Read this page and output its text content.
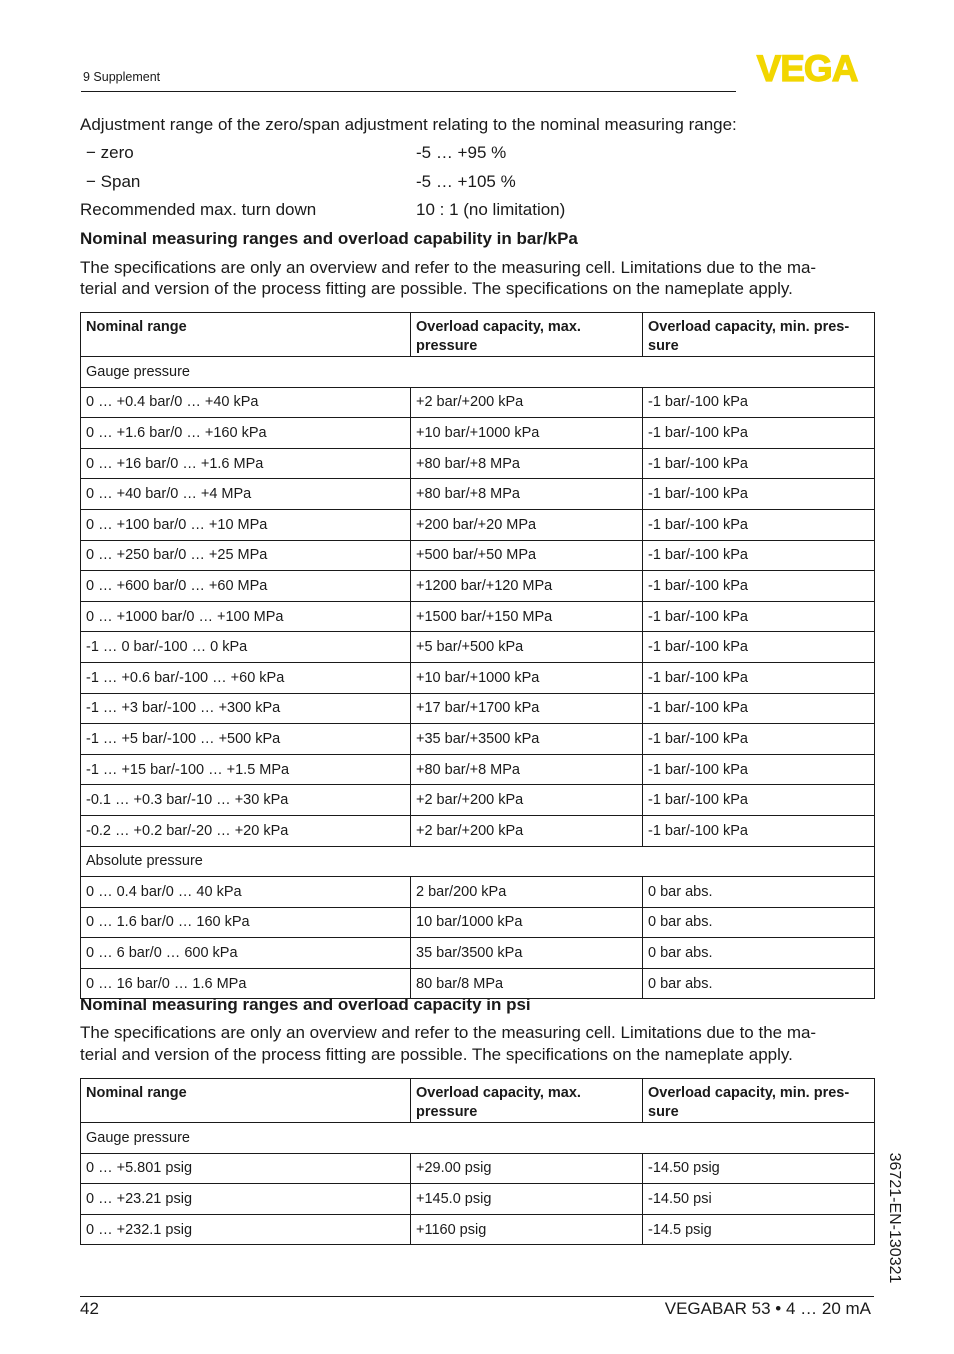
9 Supplement	VEGA
Adjustment range of the zero/span adjustment relating to the nominal measuring range:
− zero	-5 … +95 %
− Span	-5 … +105 %
Recommended max. turn down	10 : 1 (no limitation)
Nominal measuring ranges and overload capability in bar/kPa
The specifications are only an overview and refer to the measuring cell. Limitations due to the ma-
terial and version of the process fitting are possible. The specifications on the nameplate apply.
Nominal range	Overload capacity, max. pressure	Overload capacity, min. pres-sure
Gauge pressure		
0 … +0.4 bar/0 … +40 kPa	+2 bar/+200 kPa	-1 bar/-100 kPa
0 … +1.6 bar/0 … +160 kPa	+10 bar/+1000 kPa	-1 bar/-100 kPa
0 … +16 bar/0 … +1.6 MPa	+80 bar/+8 MPa	-1 bar/-100 kPa
0 … +40 bar/0 … +4 MPa	+80 bar/+8 MPa	-1 bar/-100 kPa
0 … +100 bar/0 … +10 MPa	+200 bar/+20 MPa	-1 bar/-100 kPa
0 … +250 bar/0 … +25 MPa	+500 bar/+50 MPa	-1 bar/-100 kPa
0 … +600 bar/0 … +60 MPa	+1200 bar/+120 MPa	-1 bar/-100 kPa
0 … +1000 bar/0 … +100 MPa	+1500 bar/+150 MPa	-1 bar/-100 kPa
-1 … 0 bar/-100 … 0 kPa	+5 bar/+500 kPa	-1 bar/-100 kPa
-1 … +0.6 bar/-100 … +60 kPa	+10 bar/+1000 kPa	-1 bar/-100 kPa
-1 … +3 bar/-100 … +300 kPa	+17 bar/+1700 kPa	-1 bar/-100 kPa
-1 … +5 bar/-100 … +500 kPa	+35 bar/+3500 kPa	-1 bar/-100 kPa
-1 … +15 bar/-100 … +1.5 MPa	+80 bar/+8 MPa	-1 bar/-100 kPa
-0.1 … +0.3 bar/-10 … +30 kPa	+2 bar/+200 kPa	-1 bar/-100 kPa
-0.2 … +0.2 bar/-20 … +20 kPa	+2 bar/+200 kPa	-1 bar/-100 kPa
Absolute pressure		
0 … 0.4 bar/0 … 40 kPa	2 bar/200 kPa	0 bar abs.
0 … 1.6 bar/0 … 160 kPa	10 bar/1000 kPa	0 bar abs.
0 … 6 bar/0 … 600 kPa	35 bar/3500 kPa	0 bar abs.
0 … 16 bar/0 … 1.6 MPa	80 bar/8 MPa	0 bar abs.
Nominal measuring ranges and overload capacity in psi
The specifications are only an overview and refer to the measuring cell. Limitations due to the ma-
terial and version of the process fitting are possible. The specifications on the nameplate apply.
Nominal range	Overload capacity, max. pressure	Overload capacity, min. pres-sure
Gauge pressure		
0 … +5.801 psig	+29.00 psig	-14.50 psig
0 … +23.21 psig	+145.0 psig	-14.50 psi
0 … +232.1 psig	+1160 psig	-14.5 psig	36721-EN-130321
42	VEGABAR 53 • 4 … 20 mA
